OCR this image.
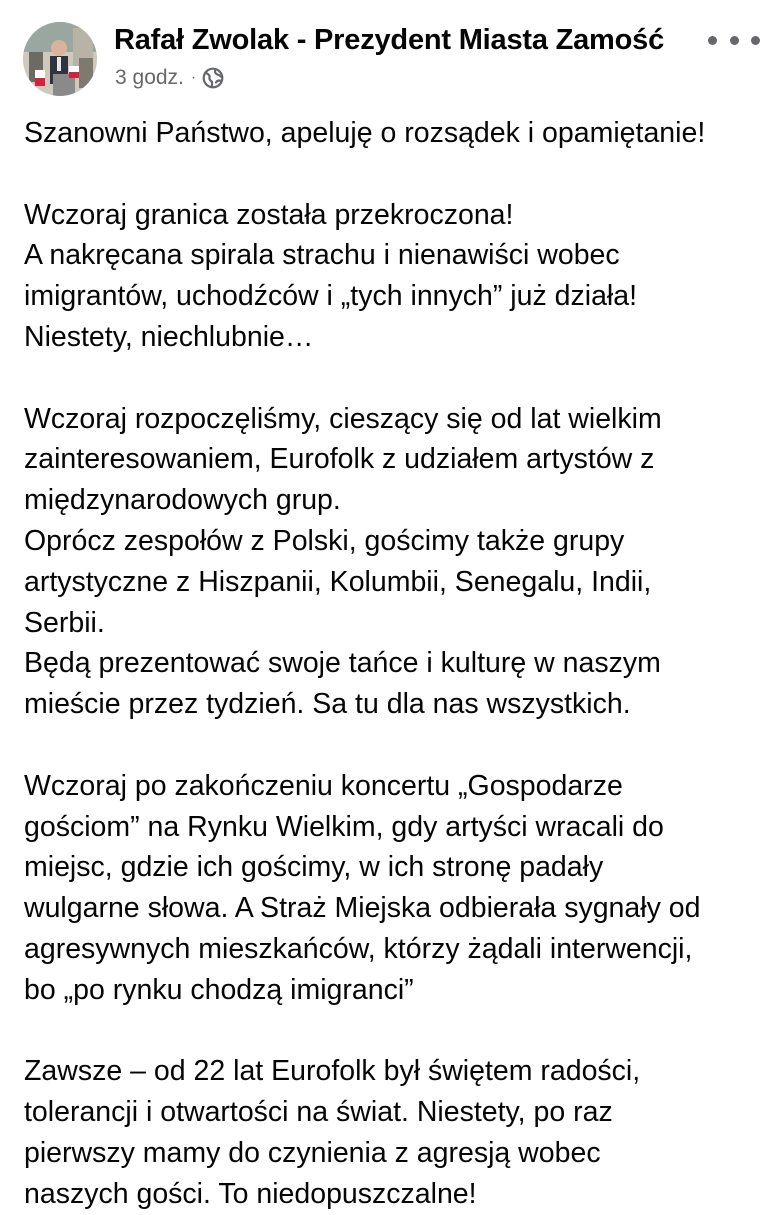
Rafał Zwolak - Prezydent Miasta Zamość
3 godz. ·
Szanowni Państwo, apeluję o rozsądek i opamiętanie!
Wczoraj granica została przekroczona!
A nakręcana spirala strachu i nienawiści wobec
imigrantów, uchodźców i „tych innych” już działa!
Niestety, niechlubnie…
Wczoraj rozpoczęliśmy, cieszący się od lat wielkim
zainteresowaniem, Eurofolk z udziałem artystów z
międzynarodowych grup.
Oprócz zespołów z Polski, gościmy także grupy
artystyczne z Hiszpanii, Kolumbii, Senegalu, Indii,
Serbii.
Będą prezentować swoje tańce i kulturę w naszym
mieście przez tydzień. Sa tu dla nas wszystkich.
Wczoraj po zakończeniu koncertu „Gospodarze
gościom” na Rynku Wielkim, gdy artyści wracali do
miejsc, gdzie ich gościmy, w ich stronę padały
wulgarne słowa. A Straż Miejska odbierała sygnały od
agresywnych mieszkańców, którzy żądali interwencji,
bo „po rynku chodzą imigranci”
Zawsze – od 22 lat Eurofolk był świętem radości,
tolerancji i otwartości na świat. Niestety, po raz
pierwszy mamy do czynienia z agresją wobec
naszych gości. To niedopuszczalne!
